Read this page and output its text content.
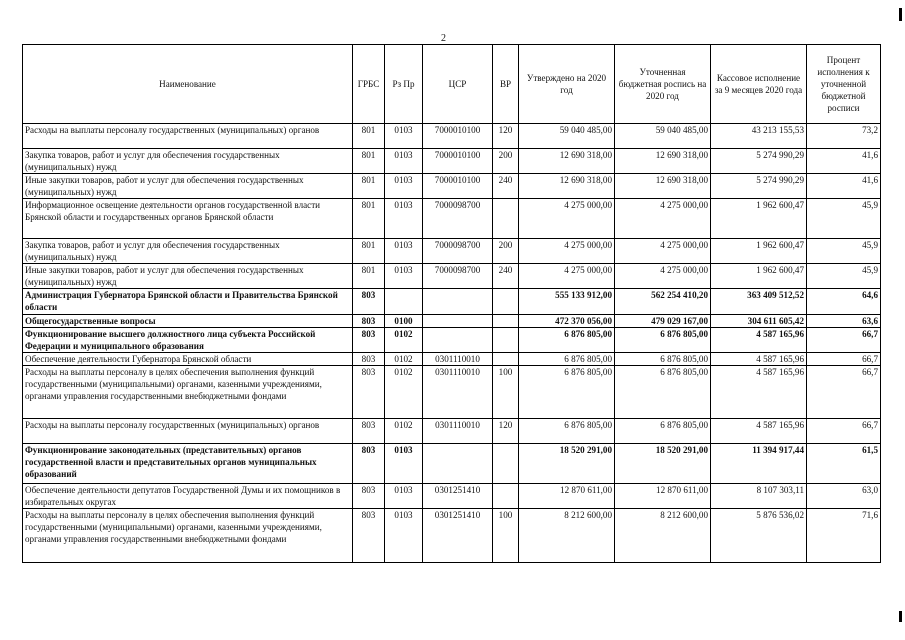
2
Наименование	ГРБС	Рз Пр	ЦСР	ВР	Утверждено на 2020 год	Уточненная бюджетная роспись на 2020 год	Кассовое исполнение за 9 месяцев 2020 года	Процент исполнения к уточненной бюджетной росписи
Расходы на выплаты персоналу государственных (муниципальных) органов	801	0103	7000010100	120	59 040 485,00	59 040 485,00	43 213 155,53	73,2
Закупка товаров, работ и услуг для обеспечения государственных (муниципальных) нужд	801	0103	7000010100	200	12 690 318,00	12 690 318,00	5 274 990,29	41,6
Иные закупки товаров, работ и услуг для обеспечения государственных (муниципальных) нужд	801	0103	7000010100	240	12 690 318,00	12 690 318,00	5 274 990,29	41,6
Информационное освещение деятельности органов государственной власти Брянской области и государственных органов Брянской области	801	0103	7000098700		4 275 000,00	4 275 000,00	1 962 600,47	45,9
Закупка товаров, работ и услуг для обеспечения государственных (муниципальных) нужд	801	0103	7000098700	200	4 275 000,00	4 275 000,00	1 962 600,47	45,9
Иные закупки товаров, работ и услуг для обеспечения государственных (муниципальных) нужд	801	0103	7000098700	240	4 275 000,00	4 275 000,00	1 962 600,47	45,9
Администрация Губернатора Брянской области и Правительства Брянской области	803				555 133 912,00	562 254 410,20	363 409 512,52	64,6
Общегосударственные вопросы	803	0100			472 370 056,00	479 029 167,00	304 611 605,42	63,6
Функционирование высшего должностного лица субъекта Российской Федерации и муниципального образования	803	0102			6 876 805,00	6 876 805,00	4 587 165,96	66,7
Обеспечение деятельности Губернатора Брянской области	803	0102	0301110010		6 876 805,00	6 876 805,00	4 587 165,96	66,7
Расходы на выплаты персоналу в целях обеспечения выполнения функций государственными (муниципальными) органами, казенными учреждениями, органами управления государственными внебюджетными фондами	803	0102	0301110010	100	6 876 805,00	6 876 805,00	4 587 165,96	66,7
Расходы на выплаты персоналу государственных (муниципальных) органов	803	0102	0301110010	120	6 876 805,00	6 876 805,00	4 587 165,96	66,7
Функционирование законодательных (представительных) органов государственной власти и представительных органов муниципальных образований	803	0103			18 520 291,00	18 520 291,00	11 394 917,44	61,5
Обеспечение деятельности депутатов Государственной Думы и их помощников в избирательных округах	803	0103	0301251410		12 870 611,00	12 870 611,00	8 107 303,11	63,0
Расходы на выплаты персоналу в целях обеспечения выполнения функций государственными (муниципальными) органами, казенными учреждениями, органами управления государственными внебюджетными фондами	803	0103	0301251410	100	8 212 600,00	8 212 600,00	5 876 536,02	71,6
